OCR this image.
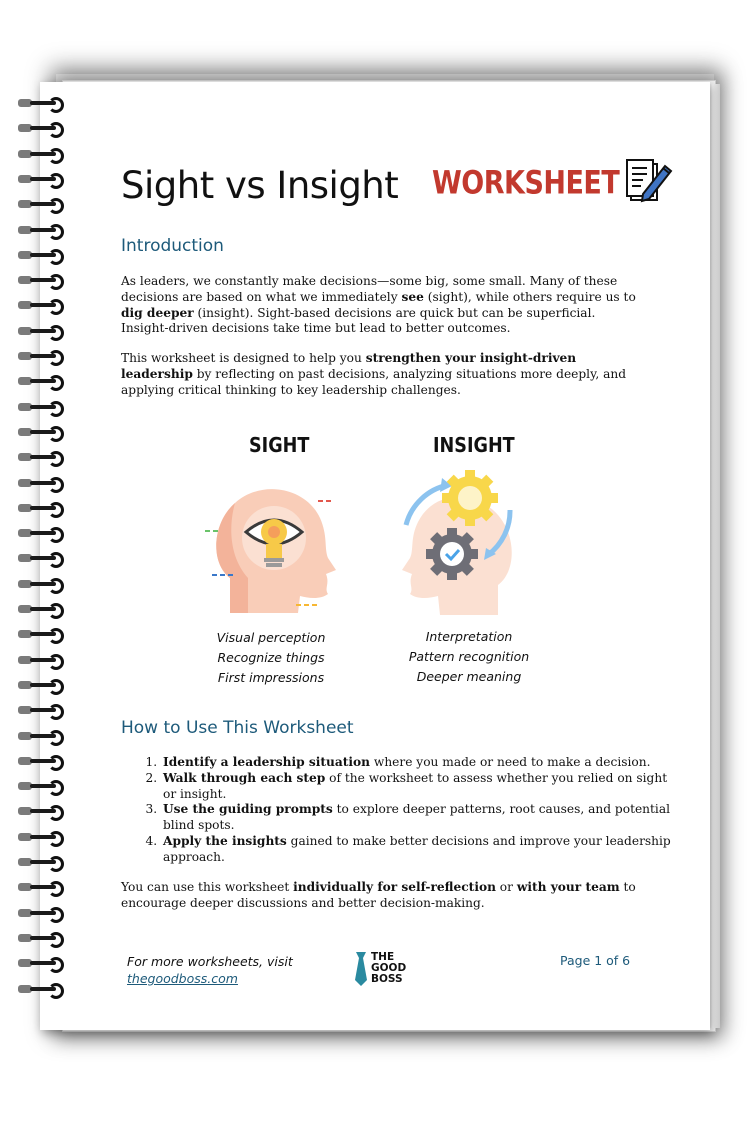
Sight vs Insight WORKSHEET
Introduction
As leaders, we constantly make decisions—some big, some small. Many of these decisions are based on what we immediately see (sight), while others require us to dig deeper (insight). Sight-based decisions are quick but can be superficial. Insight-driven decisions take time but lead to better outcomes.
This worksheet is designed to help you strengthen your insight-driven leadership by reflecting on past decisions, analyzing situations more deeply, and applying critical thinking to key leadership challenges.
SIGHT	INSIGHT
Visual perception
Recognize things
First impressions
Interpretation
Pattern recognition
Deeper meaning
How to Use This Worksheet
1. Identify a leadership situation where you made or need to make a decision.
2. Walk through each step of the worksheet to assess whether you relied on sight or insight.
3. Use the guiding prompts to explore deeper patterns, root causes, and potential blind spots.
4. Apply the insights gained to make better decisions and improve your leadership approach.
You can use this worksheet individually for self-reflection or with your team to encourage deeper discussions and better decision-making.
For more worksheets, visit
thegoodboss.com
THE
GOOD
BOSS
Page 1 of 6
